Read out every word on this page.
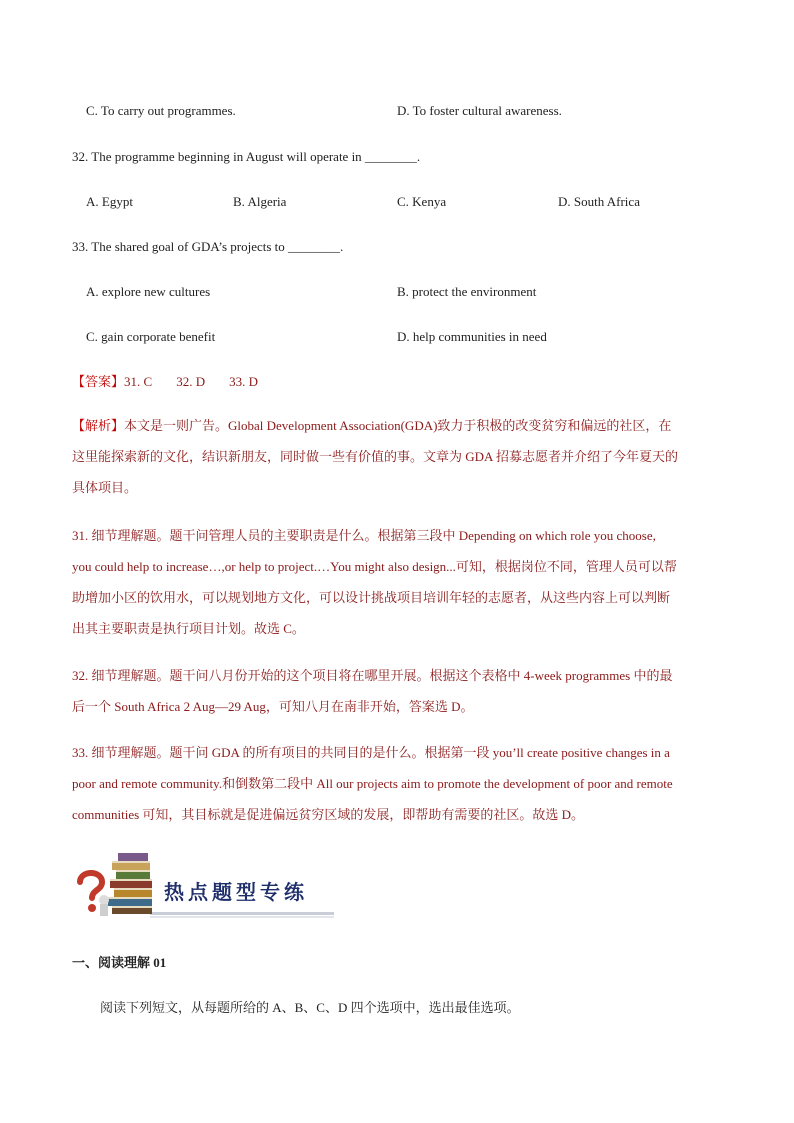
C. To carry out programmes.	D. To foster cultural awareness.
32. The programme beginning in August will operate in ________.
A. Egypt	B. Algeria	C. Kenya	D. South Africa
33. The shared goal of GDA’s projects to ________.
A. explore new cultures	B. protect the environment
C. gain corporate benefit	D. help communities in need
【答案】31. C 32. D 33. D
【解析】本文是一则广告。Global Development Association(GDA)致力于积极的改变贫穷和偏远的社区，在
这里能探索新的文化，结识新朋友，同时做一些有价值的事。文章为 GDA 招募志愿者并介绍了今年夏天的
具体项目。
31. 细节理解题。题干问管理人员的主要职责是什么。根据第三段中 Depending on which role you choose,
you could help to increase…,or help to project.…You might also design...可知，根据岗位不同，管理人员可以帮
助增加小区的饮用水，可以规划地方文化，可以设计挑战项目培训年轻的志愿者，从这些内容上可以判断
出其主要职责是执行项目计划。故选 C。
32. 细节理解题。题干问八月份开始的这个项目将在哪里开展。根据这个表格中 4-week programmes 中的最
后一个 South Africa 2 Aug—29 Aug，可知八月在南非开始，答案选 D。
33. 细节理解题。题干问 GDA 的所有项目的共同目的是什么。根据第一段 you’ll create positive changes in a
poor and remote community.和倒数第二段中 All our projects aim to promote the development of poor and remote
communities 可知，其目标就是促进偏远贫穷区域的发展，即帮助有需要的社区。故选 D。
热点题型专练
一、阅读理解 01
阅读下列短文，从每题所给的 A、B、C、D 四个选项中，选出最佳选项。
